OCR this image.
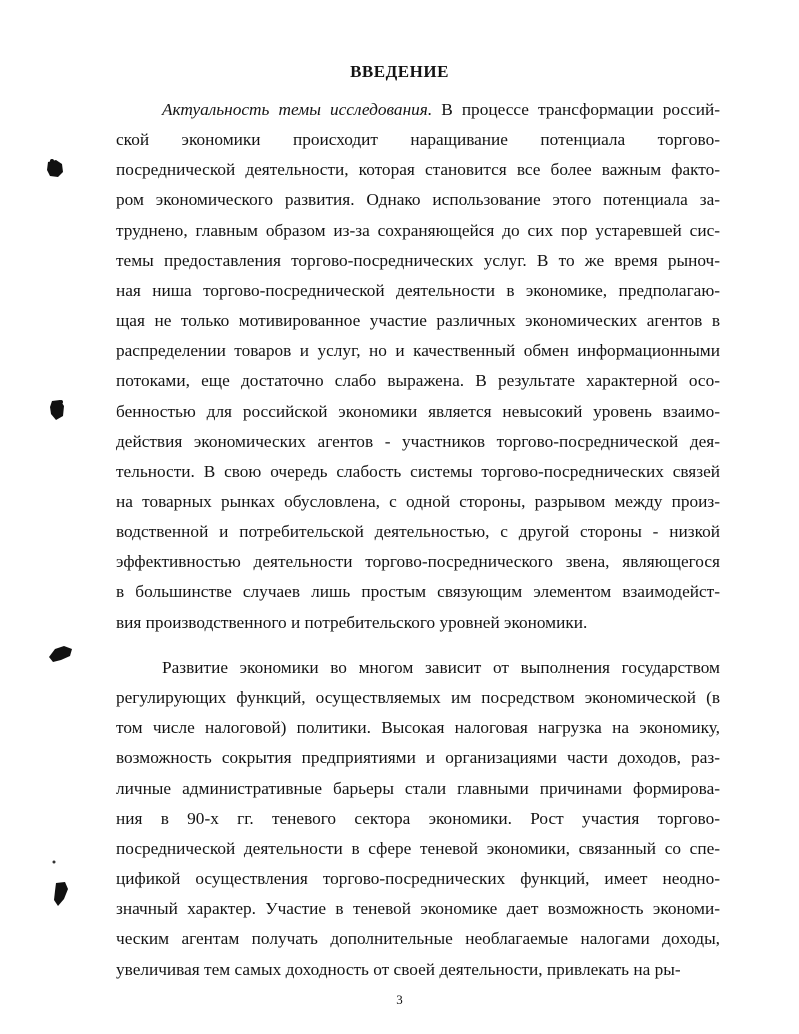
ВВЕДЕНИЕ
Актуальность темы исследования. В процессе трансформации россий-
ской экономики происходит наращивание потенциала торгово-
посреднической деятельности, которая становится все более важным факто-
ром экономического развития. Однако использование этого потенциала за-
труднено, главным образом из-за сохраняющейся до сих пор устаревшей сис-
темы предоставления торгово-посреднических услуг. В то же время рыноч-
ная ниша торгово-посреднической деятельности в экономике, предполагаю-
щая не только мотивированное участие различных экономических агентов в
распределении товаров и услуг, но и качественный обмен информационными
потоками, еще достаточно слабо выражена. В результате характерной осо-
бенностью для российской экономики является невысокий уровень взаимо-
действия экономических агентов - участников торгово-посреднической дея-
тельности. В свою очередь слабость системы торгово-посреднических связей
на товарных рынках обусловлена, с одной стороны, разрывом между произ-
водственной и потребительской деятельностью, с другой стороны - низкой
эффективностью деятельности торгово-посреднического звена, являющегося
в большинстве случаев лишь простым связующим элементом взаимодейст-
вия производственного и потребительского уровней экономики.
Развитие экономики во многом зависит от выполнения государством
регулирующих функций, осуществляемых им посредством экономической (в
том числе налоговой) политики. Высокая налоговая нагрузка на экономику,
возможность сокрытия предприятиями и организациями части доходов, раз-
личные административные барьеры стали главными причинами формирова-
ния в 90-х гг. теневого сектора экономики. Рост участия торгово-
посреднической деятельности в сфере теневой экономики, связанный со спе-
цификой осуществления торгово-посреднических функций, имеет неодно-
значный характер. Участие в теневой экономике дает возможность экономи-
ческим агентам получать дополнительные необлагаемые налогами доходы,
увеличивая тем самых доходность от своей деятельности, привлекать на ры-
3
